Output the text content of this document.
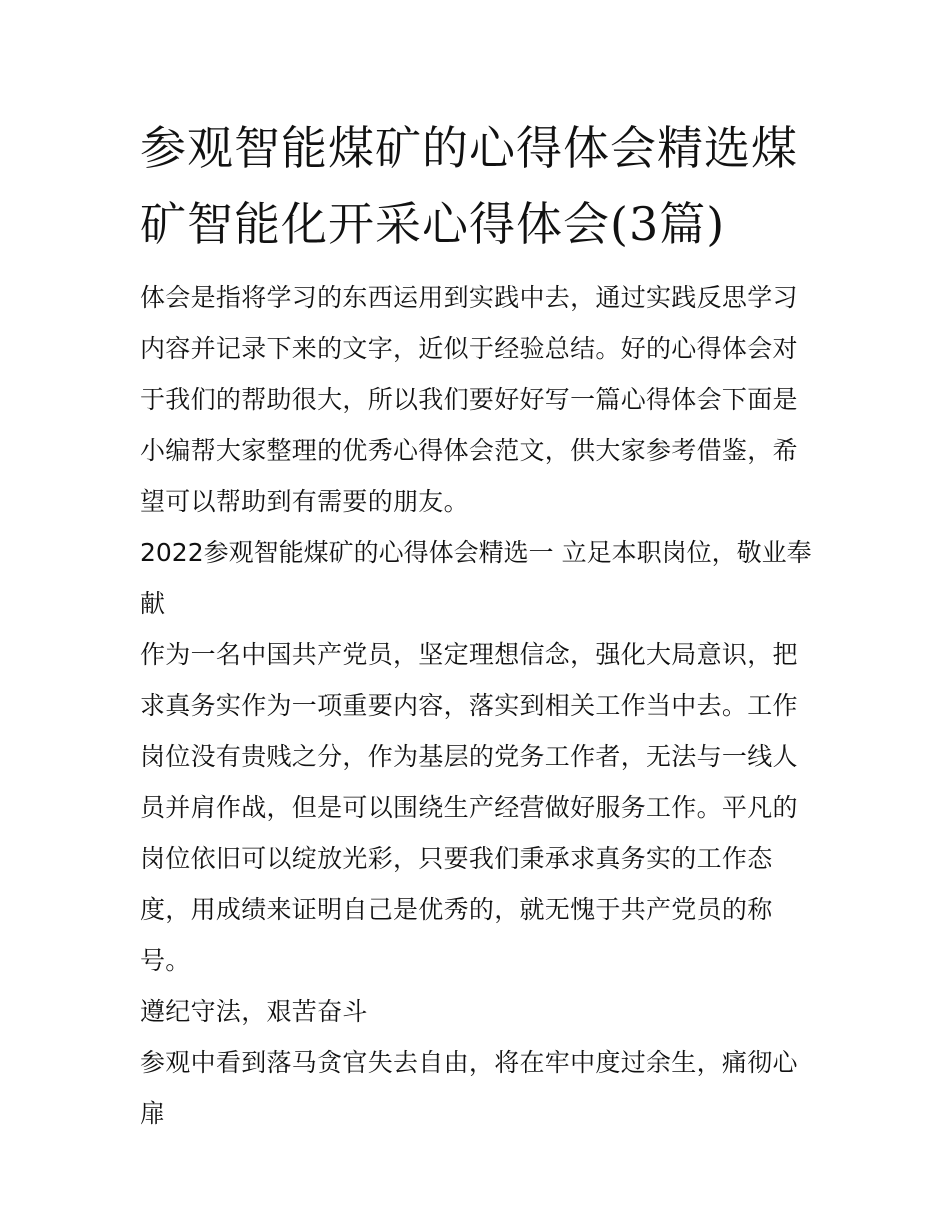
参观智能煤矿的心得体会精选煤矿智能化开采心得体会(3篇)

体会是指将学习的东西运用到实践中去，通过实践反思学习内容并记录下来的文字，近似于经验总结。好的心得体会对于我们的帮助很大，所以我们要好好写一篇心得体会下面是小编帮大家整理的优秀心得体会范文，供大家参考借鉴，希望可以帮助到有需要的朋友。

2022参观智能煤矿的心得体会精选一 立足本职岗位，敬业奉献

作为一名中国共产党员，坚定理想信念，强化大局意识，把求真务实作为一项重要内容，落实到相关工作当中去。工作岗位没有贵贱之分，作为基层的党务工作者，无法与一线人员并肩作战，但是可以围绕生产经营做好服务工作。平凡的岗位依旧可以绽放光彩，只要我们秉承求真务实的工作态度，用成绩来证明自己是优秀的，就无愧于共产党员的称号。

遵纪守法，艰苦奋斗

参观中看到落马贪官失去自由，将在牢中度过余生，痛彻心扉
